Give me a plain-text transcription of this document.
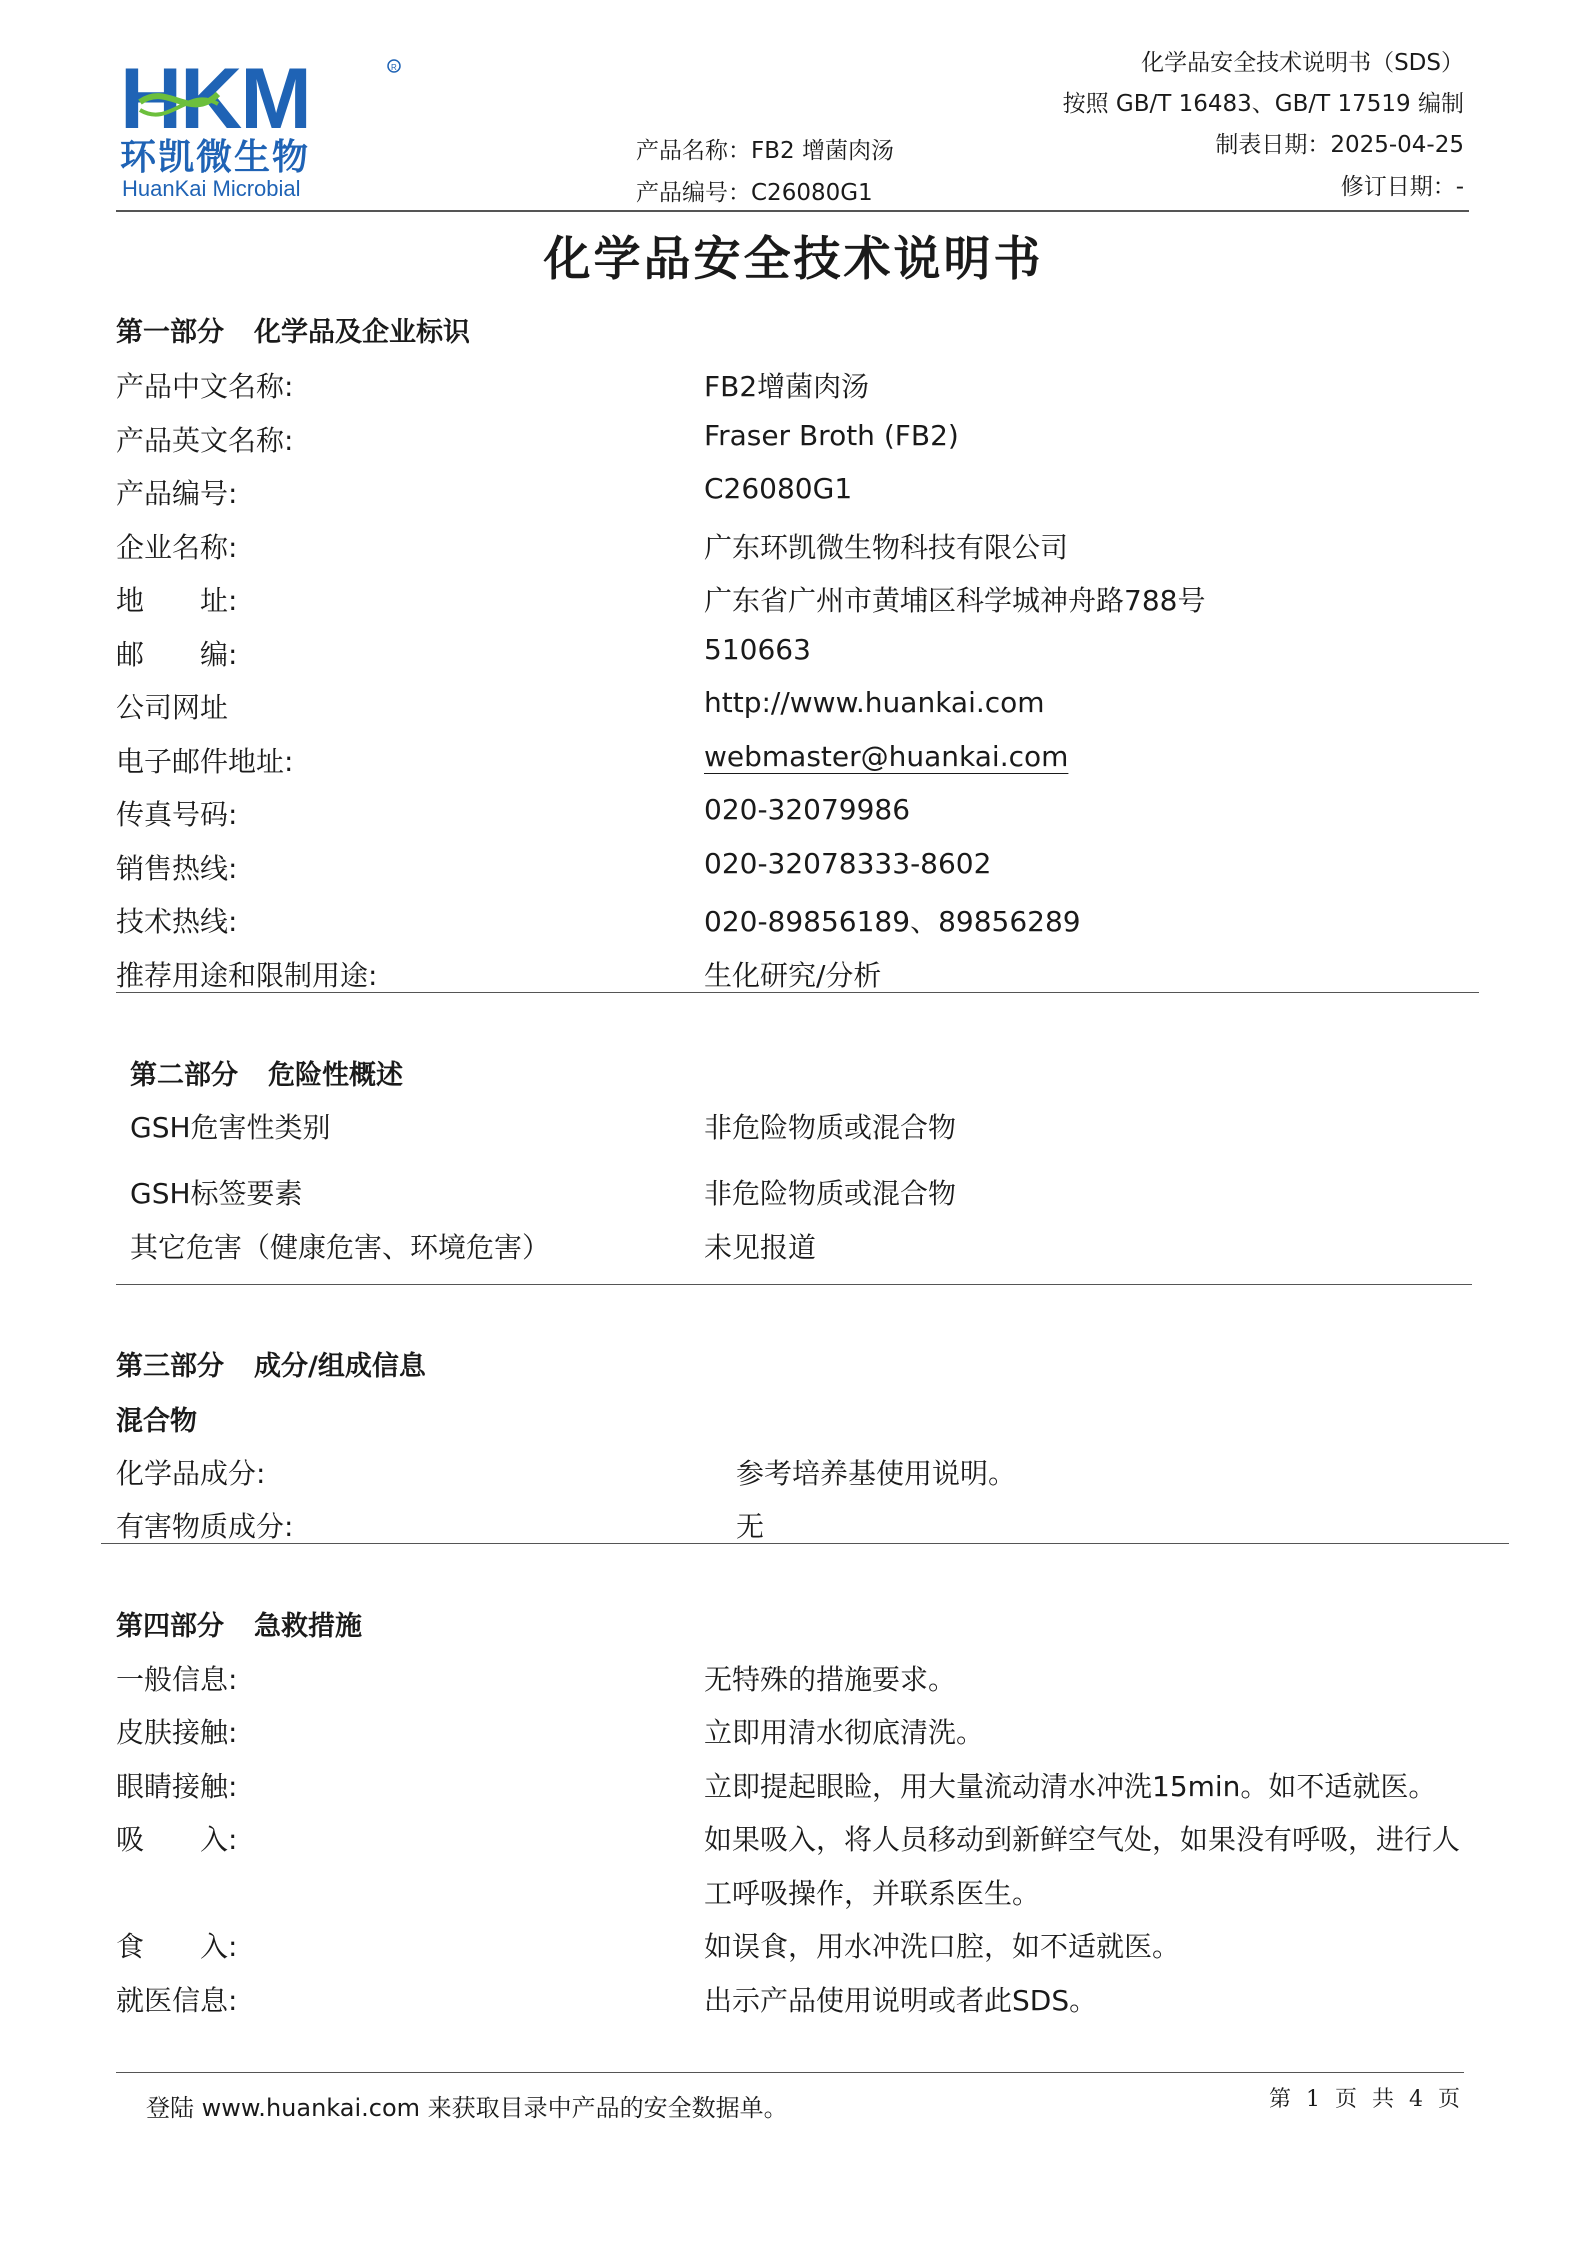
HKM	R
环凯微生物
HuanKai Microbial
化学品安全技术说明书（SDS）
按照 GB/T 16483、GB/T 17519 编制
产品名称：FB2 增菌肉汤	制表日期：2025-04-25
产品编号：C26080G1	修订日期：-
化学品安全技术说明书
第一部分 化学品及企业标识
产品中文名称:	FB2增菌肉汤
产品英文名称:	Fraser Broth (FB2)
产品编号:	C26080G1
企业名称:	广东环凯微生物科技有限公司
地　　址:	广东省广州市黄埔区科学城神舟路788号
邮　　编:	510663
公司网址	http://www.huankai.com
电子邮件地址:	webmaster@huankai.com
传真号码:	020-32079986
销售热线:	020-32078333-8602
技术热线:	020-89856189、89856289
推荐用途和限制用途:	生化研究/分析
第二部分 危险性概述
GSH危害性类别	非危险物质或混合物
GSH标签要素	非危险物质或混合物
其它危害（健康危害、环境危害）	未见报道
第三部分 成分/组成信息
混合物
化学品成分:	参考培养基使用说明。
有害物质成分:	无
第四部分 急救措施
一般信息:	无特殊的措施要求。
皮肤接触:	立即用清水彻底清洗。
眼睛接触:	立即提起眼睑，用大量流动清水冲洗15min。如不适就医。
吸　　入:	如果吸入，将人员移动到新鲜空气处，如果没有呼吸，进行人
工呼吸操作，并联系医生。
食　　入:	如误食，用水冲洗口腔，如不适就医。
就医信息:	出示产品使用说明或者此SDS。
登陆 www.huankai.com 来获取目录中产品的安全数据单。	第 1 页 共 4 页
